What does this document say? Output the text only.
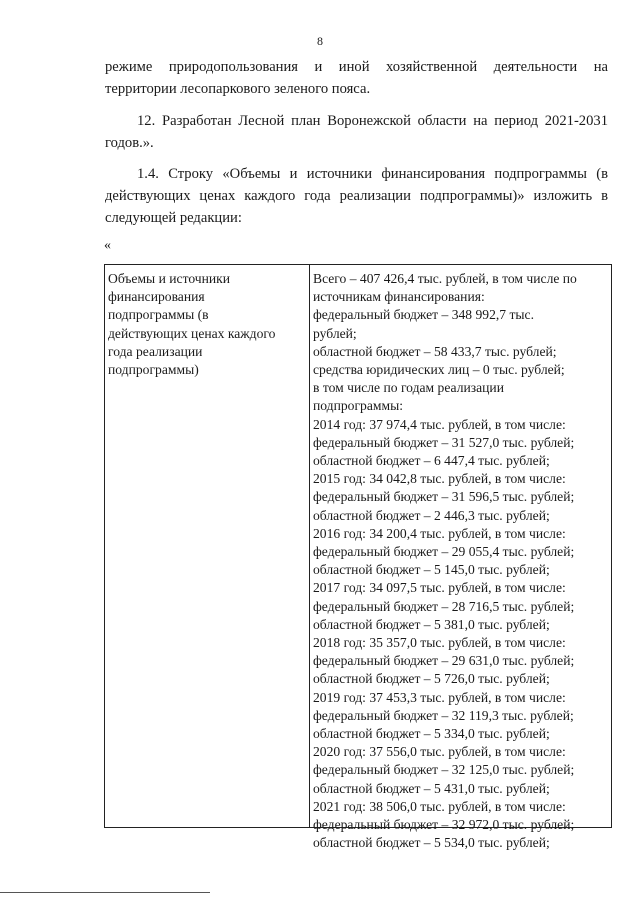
8
режиме природопользования и иной хозяйственной деятельности на
территории лесопаркового зеленого пояса.
12. Разработан Лесной план Воронежской области на период 2021-2031
годов.».
1.4. Строку «Объемы и источники финансирования подпрограммы (в
действующих ценах каждого года реализации подпрограммы)» изложить в
следующей редакции:
«
Объемы и источники
финансирования
подпрограммы (в
действующих ценах каждого
года реализации
подпрограммы)
Всего – 407 426,4 тыс. рублей, в том числе по
источникам финансирования:
федеральный бюджет – 348 992,7 тыс.
рублей;
областной бюджет – 58 433,7 тыс. рублей;
средства юридических лиц – 0 тыс. рублей;
в том числе по годам реализации
подпрограммы:
2014 год: 37 974,4 тыс. рублей, в том числе:
федеральный бюджет – 31 527,0 тыс. рублей;
областной бюджет – 6 447,4 тыс. рублей;
2015 год: 34 042,8 тыс. рублей, в том числе:
федеральный бюджет – 31 596,5 тыс. рублей;
областной бюджет – 2 446,3 тыс. рублей;
2016 год: 34 200,4 тыс. рублей, в том числе:
федеральный бюджет – 29 055,4 тыс. рублей;
областной бюджет – 5 145,0 тыс. рублей;
2017 год: 34 097,5 тыс. рублей, в том числе:
федеральный бюджет – 28 716,5 тыс. рублей;
областной бюджет – 5 381,0 тыс. рублей;
2018 год: 35 357,0 тыс. рублей, в том числе:
федеральный бюджет – 29 631,0 тыс. рублей;
областной бюджет – 5 726,0 тыс. рублей;
2019 год: 37 453,3 тыс. рублей, в том числе:
федеральный бюджет – 32 119,3 тыс. рублей;
областной бюджет – 5 334,0 тыс. рублей;
2020 год: 37 556,0 тыс. рублей, в том числе:
федеральный бюджет – 32 125,0 тыс. рублей;
областной бюджет – 5 431,0 тыс. рублей;
2021 год: 38 506,0 тыс. рублей, в том числе:
федеральный бюджет – 32 972,0 тыс. рублей;
областной бюджет – 5 534,0 тыс. рублей;
